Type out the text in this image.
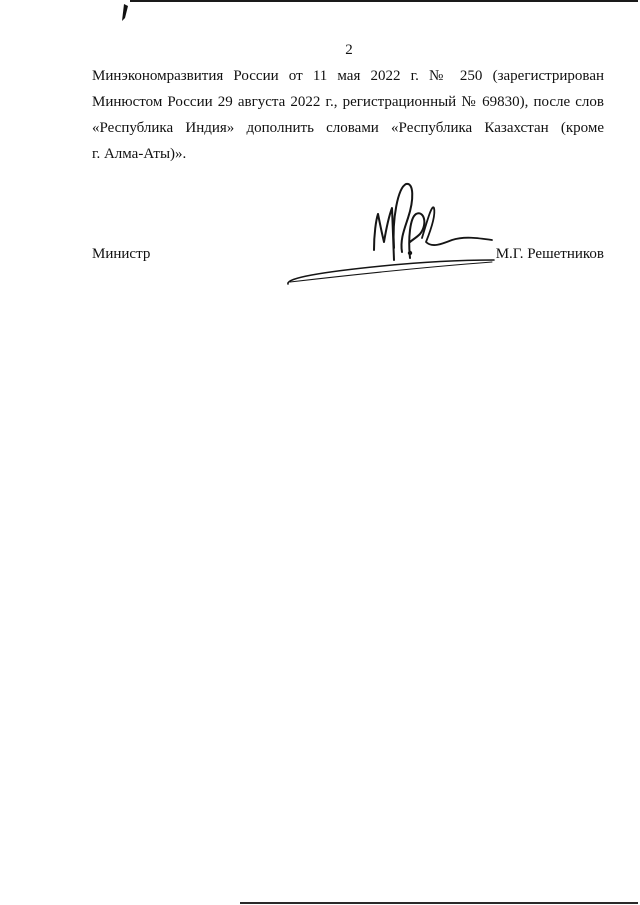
2
Минэкономразвития России от 11 мая 2022 г. № 250 (зарегистрирован
Минюстом России 29 августа 2022 г., регистрационный № 69830), после слов
«Республика Индия» дополнить словами «Республика Казахстан (кроме
г. Алма-Аты)».
Министр	М.Г. Решетников
